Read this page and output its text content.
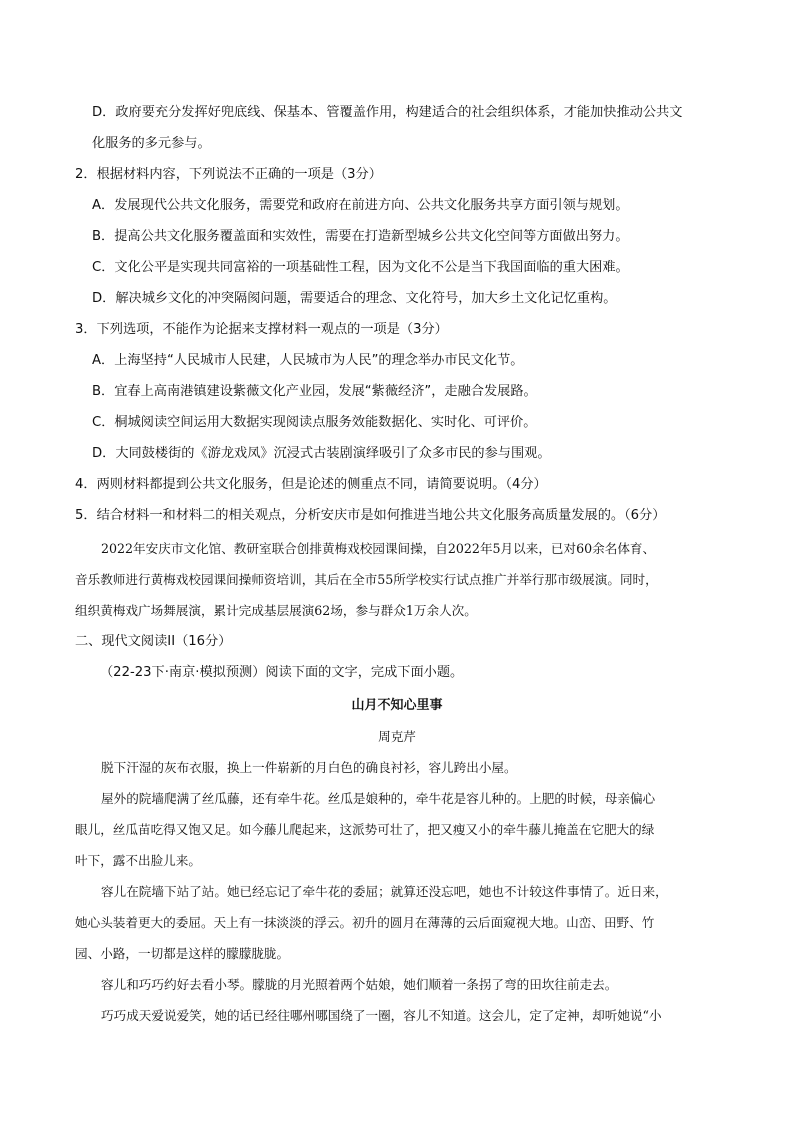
D．政府要充分发挥好兜底线、保基本、管覆盖作用，构建适合的社会组织体系，才能加快推动公共文
化服务的多元参与。
2．根据材料内容，下列说法不正确的一项是（3分）
A．发展现代公共文化服务，需要党和政府在前进方向、公共文化服务共享方面引领与规划。
B．提高公共文化服务覆盖面和实效性，需要在打造新型城乡公共文化空间等方面做出努力。
C．文化公平是实现共同富裕的一项基础性工程，因为文化不公是当下我国面临的重大困难。
D．解决城乡文化的冲突隔阂问题，需要适合的理念、文化符号，加大乡土文化记忆重构。
3．下列选项，不能作为论据来支撑材料一观点的一项是（3分）
A．上海坚持“人民城市人民建，人民城市为人民”的理念举办市民文化节。
B．宜春上高南港镇建设紫薇文化产业园，发展“紫薇经济”，走融合发展路。
C．桐城阅读空间运用大数据实现阅读点服务效能数据化、实时化、可评价。
D．大同鼓楼街的《游龙戏凤》沉浸式古装剧演绎吸引了众多市民的参与围观。
4．两则材料都提到公共文化服务，但是论述的侧重点不同，请简要说明。（4分）
5．结合材料一和材料二的相关观点，分析安庆市是如何推进当地公共文化服务高质量发展的。（6分）
2022年安庆市文化馆、教研室联合创排黄梅戏校园课间操，自2022年5月以来，已对60余名体育、
音乐教师进行黄梅戏校园课间操师资培训，其后在全市55所学校实行试点推广并举行那市级展演。同时，
组织黄梅戏广场舞展演，累计完成基层展演62场，参与群众1万余人次。
二、现代文阅读II（16分）
（22-23下·南京·模拟预测）阅读下面的文字，完成下面小题。
山月不知心里事
周克芹
脱下汗湿的灰布衣服，换上一件崭新的月白色的确良衬衫，容儿跨出小屋。
屋外的院墙爬满了丝瓜藤，还有牵牛花。丝瓜是娘种的，牵牛花是容儿种的。上肥的时候，母亲偏心
眼儿，丝瓜苗吃得又饱又足。如今藤儿爬起来，这派势可壮了，把又瘦又小的牵牛藤儿掩盖在它肥大的绿
叶下，露不出脸儿来。
容儿在院墙下站了站。她已经忘记了牵牛花的委屈；就算还没忘吧，她也不计较这件事情了。近日来，
她心头装着更大的委屈。天上有一抹淡淡的浮云。初升的圆月在薄薄的云后面窥视大地。山峦、田野、竹
园、小路，一切都是这样的朦朦胧胧。
容儿和巧巧约好去看小琴。朦胧的月光照着两个姑娘，她们顺着一条拐了弯的田坎往前走去。
巧巧成天爱说爱笑，她的话已经往哪州哪国绕了一圈，容儿不知道。这会儿，定了定神，却听她说“小
